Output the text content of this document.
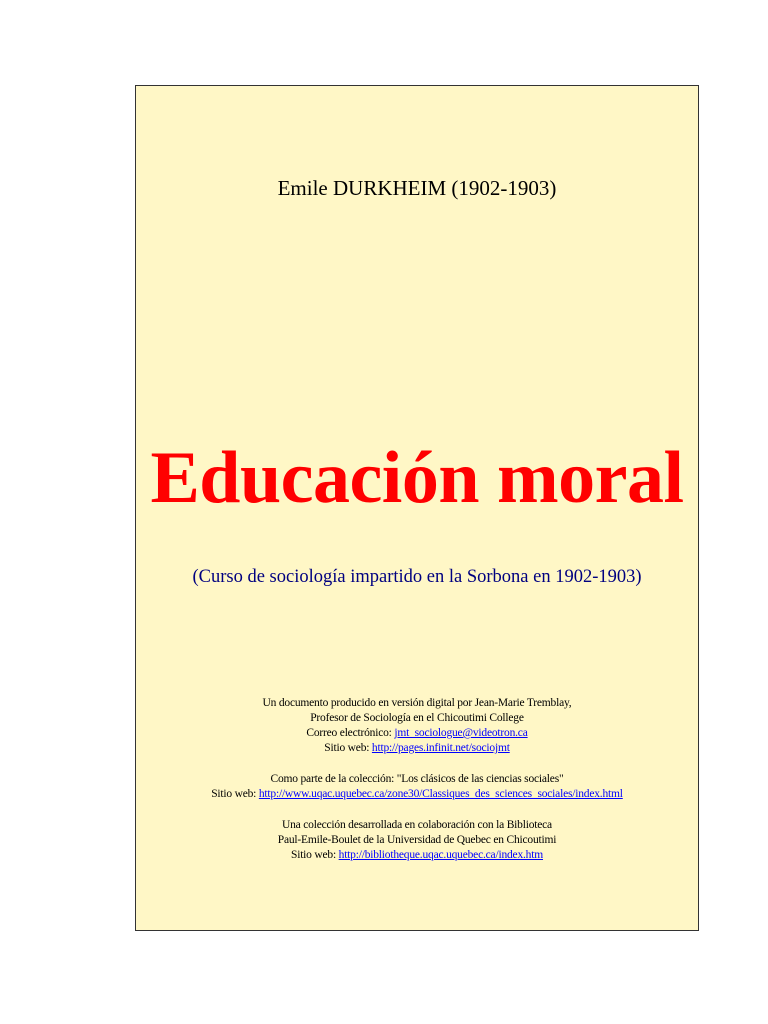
Emile DURKHEIM (1902-1903)
Educación moral
(Curso de sociología impartido en la Sorbona en 1902-1903)
Un documento producido en versión digital por Jean-Marie Tremblay,
Profesor de Sociología en el Chicoutimi College
Correo electrónico: jmt_sociologue@videotron.ca
Sitio web: http://pages.infinit.net/sociojmt
Como parte de la colección: "Los clásicos de las ciencias sociales"
Sitio web: http://www.uqac.uquebec.ca/zone30/Classiques_des_sciences_sociales/index.html
Una colección desarrollada en colaboración con la Biblioteca
Paul-Emile-Boulet de la Universidad de Quebec en Chicoutimi
Sitio web: http://bibliotheque.uqac.uquebec.ca/index.htm
